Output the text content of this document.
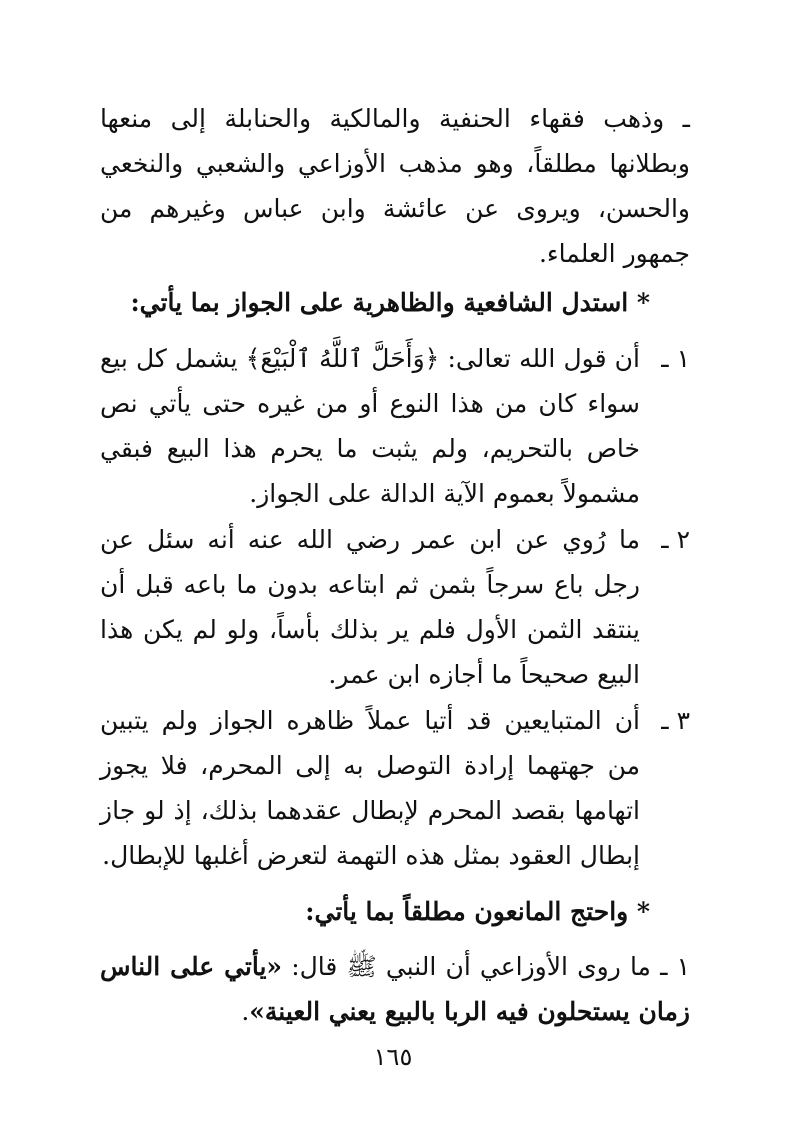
ـ وذهب فقهاء الحنفية والمالكية والحنابلة إلى منعها وبطلانها مطلقاً، وهو مذهب الأوزاعي والشعبي والنخعي والحسن، ويروى عن عائشة وابن عباس وغيرهم من جمهور العلماء.
* استدل الشافعية والظاهرية على الجواز بما يأتي:
١ ـ
أن قول الله تعالى: ﴿وَأَحَلَّ ٱللَّهُ ٱلْبَيْعَ﴾ يشمل كل بيع سواء كان من هذا النوع أو من غيره حتى يأتي نص خاص بالتحريم، ولم يثبت ما يحرم هذا البيع فبقي مشمولاً بعموم الآية الدالة على الجواز.
٢ ـ
ما رُوي عن ابن عمر رضي الله عنه أنه سئل عن رجل باع سرجاً بثمن ثم ابتاعه بدون ما باعه قبل أن ينتقد الثمن الأول فلم ير بذلك بأساً، ولو لم يكن هذا البيع صحيحاً ما أجازه ابن عمر.
٣ ـ
أن المتبايعين قد أتيا عملاً ظاهره الجواز ولم يتبين من جهتهما إرادة التوصل به إلى المحرم، فلا يجوز اتهامها بقصد المحرم لإبطال عقدهما بذلك، إذ لو جاز إبطال العقود بمثل هذه التهمة لتعرض أغلبها للإبطال.
* واحتج المانعون مطلقاً بما يأتي:
١ ـ ما روى الأوزاعي أن النبي ﷺ قال: «يأتي على الناس زمان يستحلون فيه الربا بالبيع يعني العينة».
١٦٥
